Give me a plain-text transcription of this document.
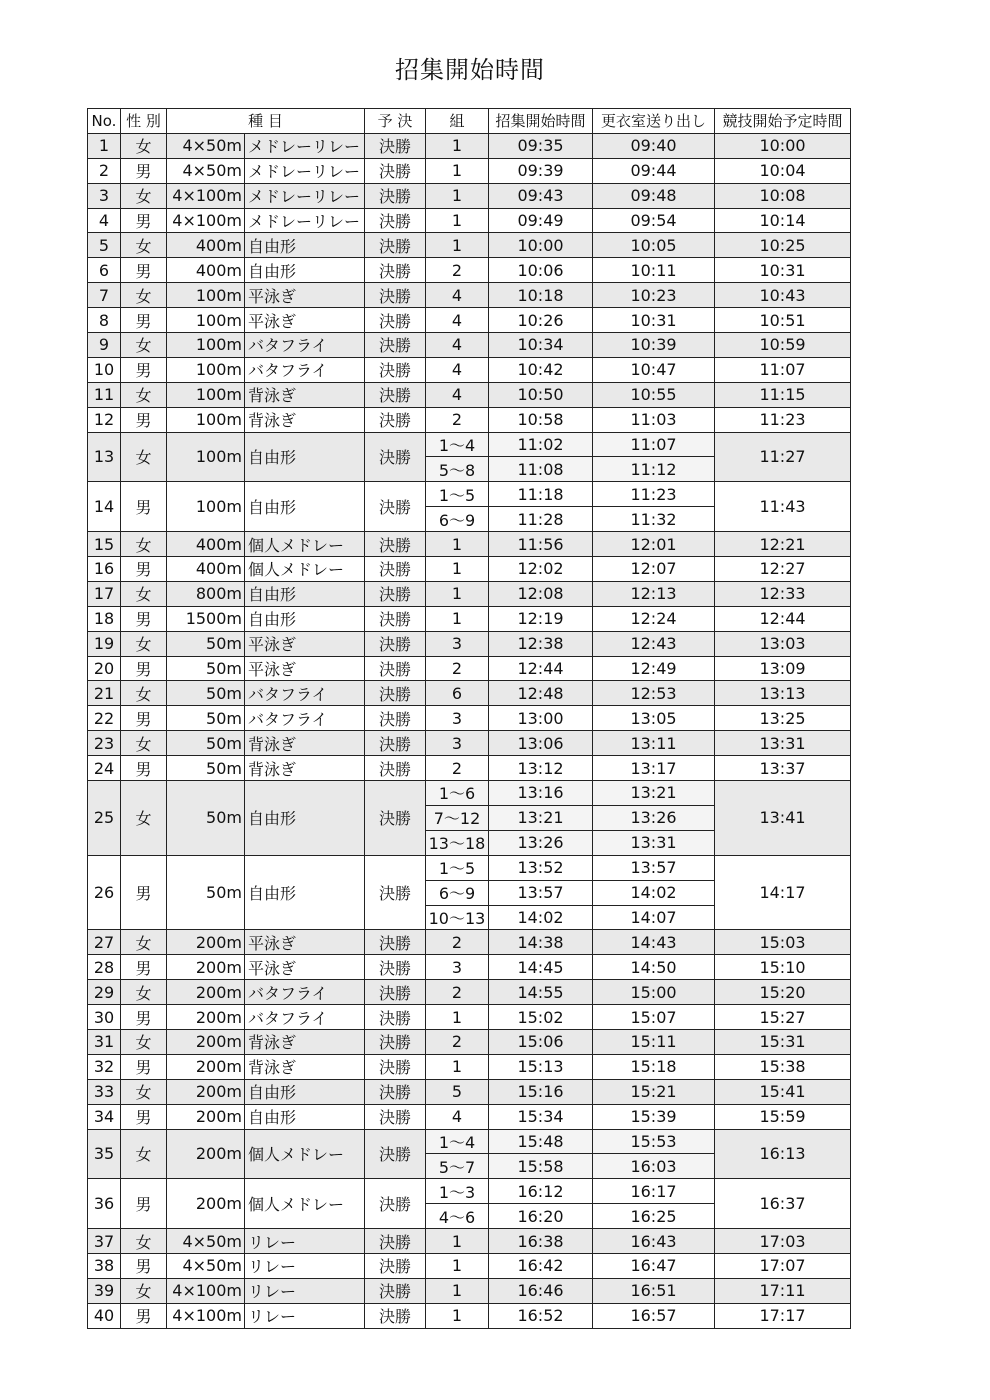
招集開始時間
No.	性 別	種 目		予 決	組	招集開始時間	更衣室送り出し	競技開始予定時間
1	女	4×50m	メドレーリレー	決勝	1	09:35	09:40	10:00
2	男	4×50m	メドレーリレー	決勝	1	09:39	09:44	10:04
3	女	4×100m	メドレーリレー	決勝	1	09:43	09:48	10:08
4	男	4×100m	メドレーリレー	決勝	1	09:49	09:54	10:14
5	女	400m	自由形	決勝	1	10:00	10:05	10:25
6	男	400m	自由形	決勝	2	10:06	10:11	10:31
7	女	100m	平泳ぎ	決勝	4	10:18	10:23	10:43
8	男	100m	平泳ぎ	決勝	4	10:26	10:31	10:51
9	女	100m	バタフライ	決勝	4	10:34	10:39	10:59
10	男	100m	バタフライ	決勝	4	10:42	10:47	11:07
11	女	100m	背泳ぎ	決勝	4	10:50	10:55	11:15
12	男	100m	背泳ぎ	決勝	2	10:58	11:03	11:23
13	女	100m	自由形	決勝	1～4	11:02	11:07	11:27
					5～8	11:08	11:12	
14	男	100m	自由形	決勝	1～5	11:18	11:23	11:43
					6～9	11:28	11:32	
15	女	400m	個人メドレー	決勝	1	11:56	12:01	12:21
16	男	400m	個人メドレー	決勝	1	12:02	12:07	12:27
17	女	800m	自由形	決勝	1	12:08	12:13	12:33
18	男	1500m	自由形	決勝	1	12:19	12:24	12:44
19	女	50m	平泳ぎ	決勝	3	12:38	12:43	13:03
20	男	50m	平泳ぎ	決勝	2	12:44	12:49	13:09
21	女	50m	バタフライ	決勝	6	12:48	12:53	13:13
22	男	50m	バタフライ	決勝	3	13:00	13:05	13:25
23	女	50m	背泳ぎ	決勝	3	13:06	13:11	13:31
24	男	50m	背泳ぎ	決勝	2	13:12	13:17	13:37
25	女	50m	自由形	決勝	1～6	13:16	13:21	13:41
					7～12	13:21	13:26	
					13～18	13:26	13:31	
26	男	50m	自由形	決勝	1～5	13:52	13:57	14:17
					6～9	13:57	14:02	
					10～13	14:02	14:07	
27	女	200m	平泳ぎ	決勝	2	14:38	14:43	15:03
28	男	200m	平泳ぎ	決勝	3	14:45	14:50	15:10
29	女	200m	バタフライ	決勝	2	14:55	15:00	15:20
30	男	200m	バタフライ	決勝	1	15:02	15:07	15:27
31	女	200m	背泳ぎ	決勝	2	15:06	15:11	15:31
32	男	200m	背泳ぎ	決勝	1	15:13	15:18	15:38
33	女	200m	自由形	決勝	5	15:16	15:21	15:41
34	男	200m	自由形	決勝	4	15:34	15:39	15:59
35	女	200m	個人メドレー	決勝	1～4	15:48	15:53	16:13
					5～7	15:58	16:03	
36	男	200m	個人メドレー	決勝	1～3	16:12	16:17	16:37
					4～6	16:20	16:25	
37	女	4×50m	リレー	決勝	1	16:38	16:43	17:03
38	男	4×50m	リレー	決勝	1	16:42	16:47	17:07
39	女	4×100m	リレー	決勝	1	16:46	16:51	17:11
40	男	4×100m	リレー	決勝	1	16:52	16:57	17:17
